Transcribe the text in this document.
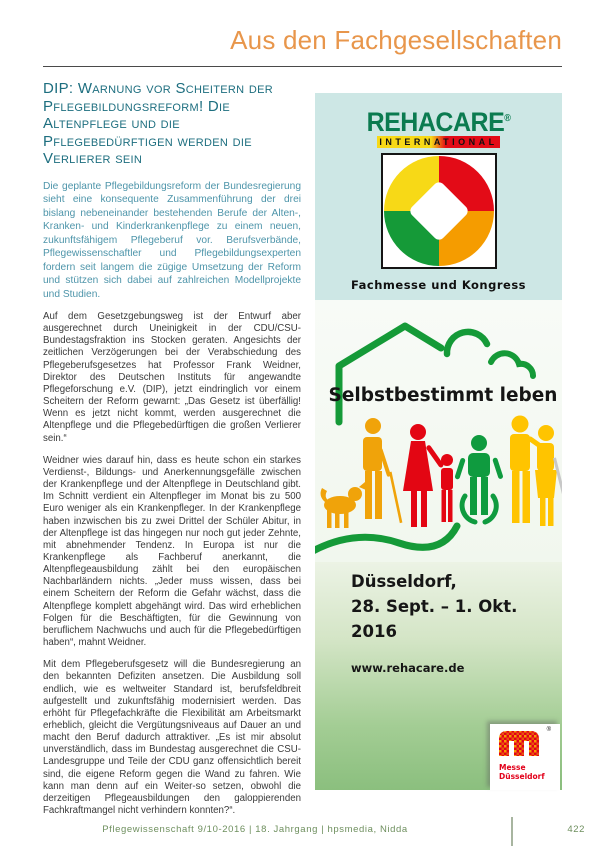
Aus den Fachgesellschaften
DIP: Warnung vor Scheitern der Pflegebildungsreform! Die Altenpflege und die Pflegebedürftigen werden die Verlierer sein

Die geplante Pflegebildungsreform der Bundesregierung sieht eine konsequente Zusammenführung der drei bislang nebeneinander bestehenden Berufe der Alten-, Kranken- und Kinderkrankenpflege zu einem neuen, zukunftsfähigem Pflegeberuf vor. Berufsverbände, Pflegewissenschaftler und Pflegebildungsexperten fordern seit langem die zügige Umsetzung der Reform und stützen sich dabei auf zahlreichen Modellprojekte und Studien.

Auf dem Gesetzgebungsweg ist der Entwurf aber ausgerechnet durch Uneinigkeit in der CDU/CSU-Bundestagsfraktion ins Stocken geraten. Angesichts der zeitlichen Verzögerungen bei der Verabschiedung des Pflegeberufsgesetzes hat Professor Frank Weidner, Direktor des Deutschen Instituts für angewandte Pflegeforschung e.V. (DIP), jetzt eindringlich vor einem Scheitern der Reform gewarnt: „Das Gesetz ist überfällig! Wenn es jetzt nicht kommt, werden ausgerechnet die Altenpflege und die Pflegebedürftigen die großen Verlierer sein.“

Weidner wies darauf hin, dass es heute schon ein starkes Verdienst-, Bildungs- und Anerkennungsgefälle zwischen der Krankenpflege und der Altenpflege in Deutschland gibt. Im Schnitt verdient ein Altenpfleger im Monat bis zu 500 Euro weniger als ein Krankenpfleger. In der Krankenpflege haben inzwischen bis zu zwei Drittel der Schüler Abitur, in der Altenpflege ist das hingegen nur noch gut jeder Zehnte, mit abnehmender Tendenz. In Europa ist nur die Krankenpflege als Fachberuf anerkannt, die Altenpflegeausbildung zählt bei den europäischen Nachbarländern nichts. „Jeder muss wissen, dass bei einem Scheitern der Reform die Gefahr wächst, dass die Altenpflege komplett abgehängt wird. Das wird erheblichen Folgen für die Beschäftigten, für die Gewinnung von beruflichem Nachwuchs und auch für die Pflegebedürftigen haben“, mahnt Weidner.

Mit dem Pflegeberufsgesetz will die Bundesregierung an den bekannten Defiziten ansetzen. Die Ausbildung soll endlich, wie es weltweiter Standard ist, berufsfeldbreit aufgestellt und zukunftsfähig modernisiert werden. Das erhöht für Pflegefachkräfte die Flexibilität am Arbeitsmarkt erheblich, gleicht die Vergütungsniveaus auf Dauer an und macht den Beruf dadurch attraktiver. „Es ist mir absolut unverständlich, dass im Bundestag ausgerechnet die CSU-Landesgruppe und Teile der CDU ganz offensichtlich bereit sind, die eigene Reform gegen die Wand zu fahren. Wie kann man denn auf ein Weiter-so setzen, obwohl die derzeitigen Pflegeausbildungen den galoppierenden Fachkraftmangel nicht verhindern konnten?“.

REHACARE®
INTERNATIONAL
Fachmesse und Kongress
Selbstbestimmt leben
Düsseldorf,
28. Sept. – 1. Okt. 2016
www.rehacare.de
®
Messe
Düsseldorf
Pflegewissenschaft 9/10-2016 | 18. Jahrgang | hpsmedia, Nidda	422
